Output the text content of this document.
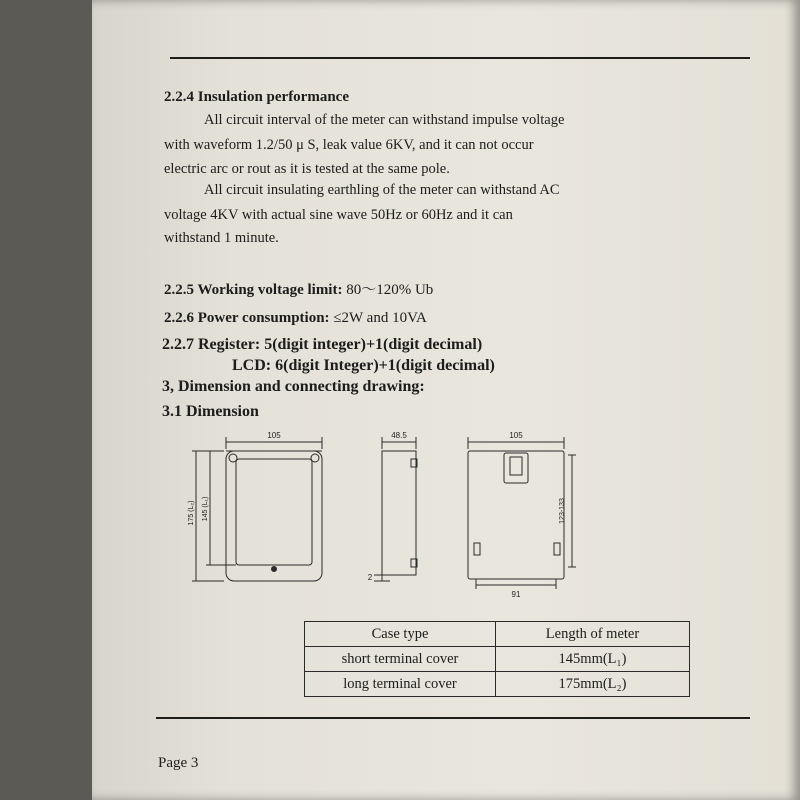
2.2.4 Insulation performance
All circuit interval of the meter can withstand impulse voltage
with waveform 1.2/50 μ S, leak value 6KV, and it can not occur
electric arc or rout as it is tested at the same pole.
All circuit insulating earthling of the meter can withstand AC
voltage 4KV with actual sine wave 50Hz or 60Hz and it can
withstand 1 minute.
2.2.5 Working voltage limit: 80～120% Ub
2.2.6 Power consumption: ≤2W and 10VA
2.2.7 Register: 5(digit integer)+1(digit decimal)
LCD: 6(digit Integer)+1(digit decimal)
3, Dimension and connecting drawing:
3.1 Dimension
105
175 (L₂) 145 (L₁)
48.5
2
105
123-133
91
Case type	Length of meter
short terminal cover	145mm(L₁)
long terminal cover	175mm(L₂)
Page 3
